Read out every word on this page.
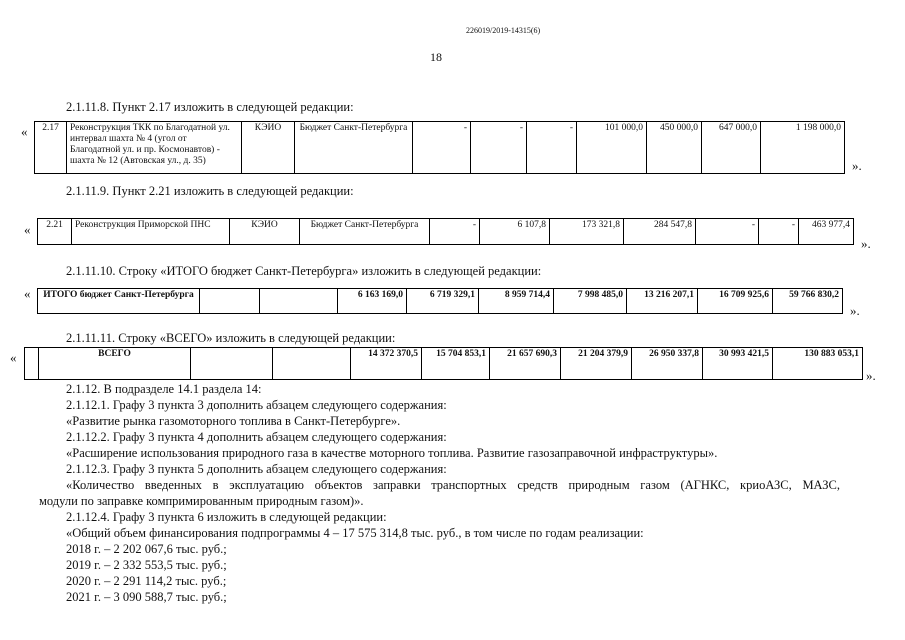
226019/2019-14315(6)
18
2.1.11.8. Пункт 2.17 изложить в следующей редакции:
« 2.17	Реконструкция ТКК по Благодатной ул. интервал шахта № 4 (угол от Благодатной ул. и пр. Космонавтов) - шахта № 12 (Автовская ул., д. 35)	КЭИО	Бюджет Санкт-Петербурга	-	-	-	101 000,0	450 000,0	647 000,0	1 198 000,0
».
2.1.11.9. Пункт 2.21 изложить в следующей редакции:
« 2.21	Реконструкция Приморской ПНС	КЭИО	Бюджет Санкт-Петербурга	-	6 107,8	173 321,8	284 547,8	-	-	463 977,4
».
2.1.11.10. Строку «ИТОГО бюджет Санкт-Петербурга» изложить в следующей редакции:
« ИТОГО бюджет Санкт-Петербурга			6 163 169,0	6 719 329,1	8 959 714,4	7 998 485,0	13 216 207,1	16 709 925,6	59 766 830,2
».
2.1.11.11. Строку «ВСЕГО» изложить в следующей редакции:
«
		ВСЕГО			14 372 370,5	15 704 853,1	21 657 690,3	21 204 379,9	26 950 337,8	30 993 421,5	130 883 053,1
».
2.1.12. В подразделе 14.1 раздела 14:
2.1.12.1. Графу 3 пункта 3 дополнить абзацем следующего содержания:
«Развитие рынка газомоторного топлива в Санкт-Петербурге».
2.1.12.2. Графу 3 пункта 4 дополнить абзацем следующего содержания:
«Расширение использования природного газа в качестве моторного топлива. Развитие газозаправочной инфраструктуры».
2.1.12.3. Графу 3 пункта 5 дополнить абзацем следующего содержания:
«Количество введенных в эксплуатацию объектов заправки транспортных средств природным газом (АГНКС, криоАЗС, МАЗС,
модули по заправке компримированным природным газом)».
2.1.12.4. Графу 3 пункта 6 изложить в следующей редакции:
«Общий объем финансирования подпрограммы 4 – 17 575 314,8 тыс. руб., в том числе по годам реализации:
2018 г. – 2 202 067,6 тыс. руб.;
2019 г. – 2 332 553,5 тыс. руб.;
2020 г. – 2 291 114,2 тыс. руб.;
2021 г. – 3 090 588,7 тыс. руб.;
